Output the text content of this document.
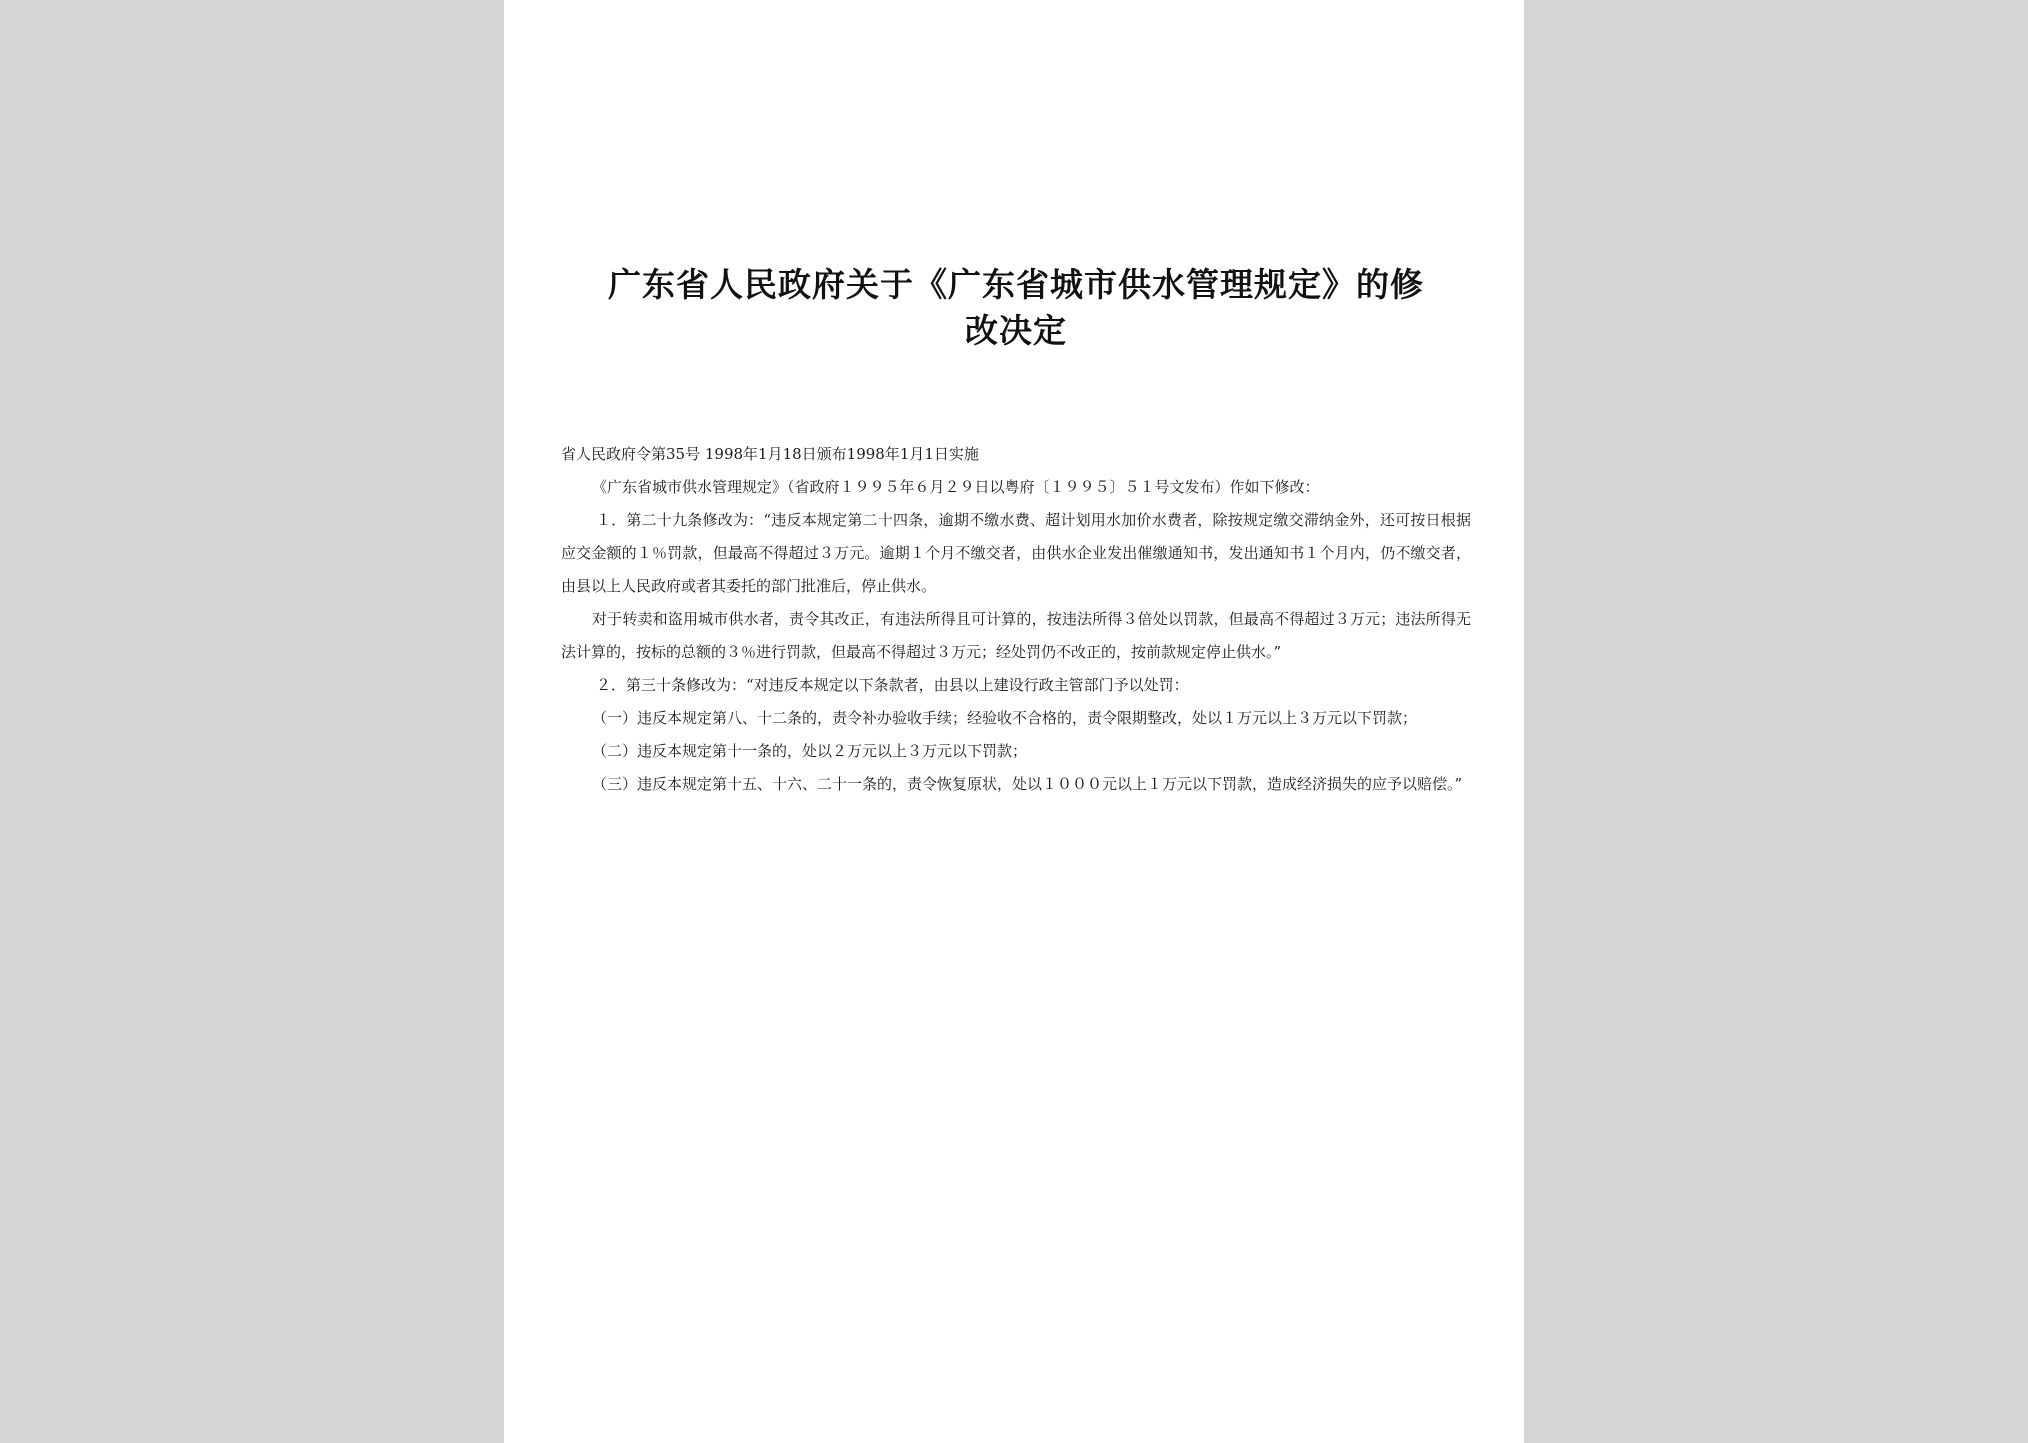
广东省人民政府关于《广东省城市供水管理规定》的修
改决定

省人民政府令第35号 1998年1月18日颁布1998年1月1日实施

《广东省城市供水管理规定》（省政府１９９５年６月２９日以粤府〔１９９５〕５１号文发布）作如下修改：

１．第二十九条修改为：“违反本规定第二十四条，逾期不缴水费、超计划用水加价水费者，除按规定缴交滞纳金外，还可按日根据应交金额的１％罚款，但最高不得超过３万元。逾期１个月不缴交者，由供水企业发出催缴通知书，发出通知书１个月内，仍不缴交者，由县以上人民政府或者其委托的部门批准后，停止供水。

对于转卖和盗用城市供水者，责令其改正，有违法所得且可计算的，按违法所得３倍处以罚款，但最高不得超过３万元；违法所得无法计算的，按标的总额的３％进行罚款，但最高不得超过３万元；经处罚仍不改正的，按前款规定停止供水。”

２．第三十条修改为：“对违反本规定以下条款者，由县以上建设行政主管部门予以处罚：

（一）违反本规定第八、十二条的，责令补办验收手续；经验收不合格的，责令限期整改，处以１万元以上３万元以下罚款；

（二）违反本规定第十一条的，处以２万元以上３万元以下罚款；

（三）违反本规定第十五、十六、二十一条的，责令恢复原状，处以１０００元以上１万元以下罚款，造成经济损失的应予以赔偿。”
